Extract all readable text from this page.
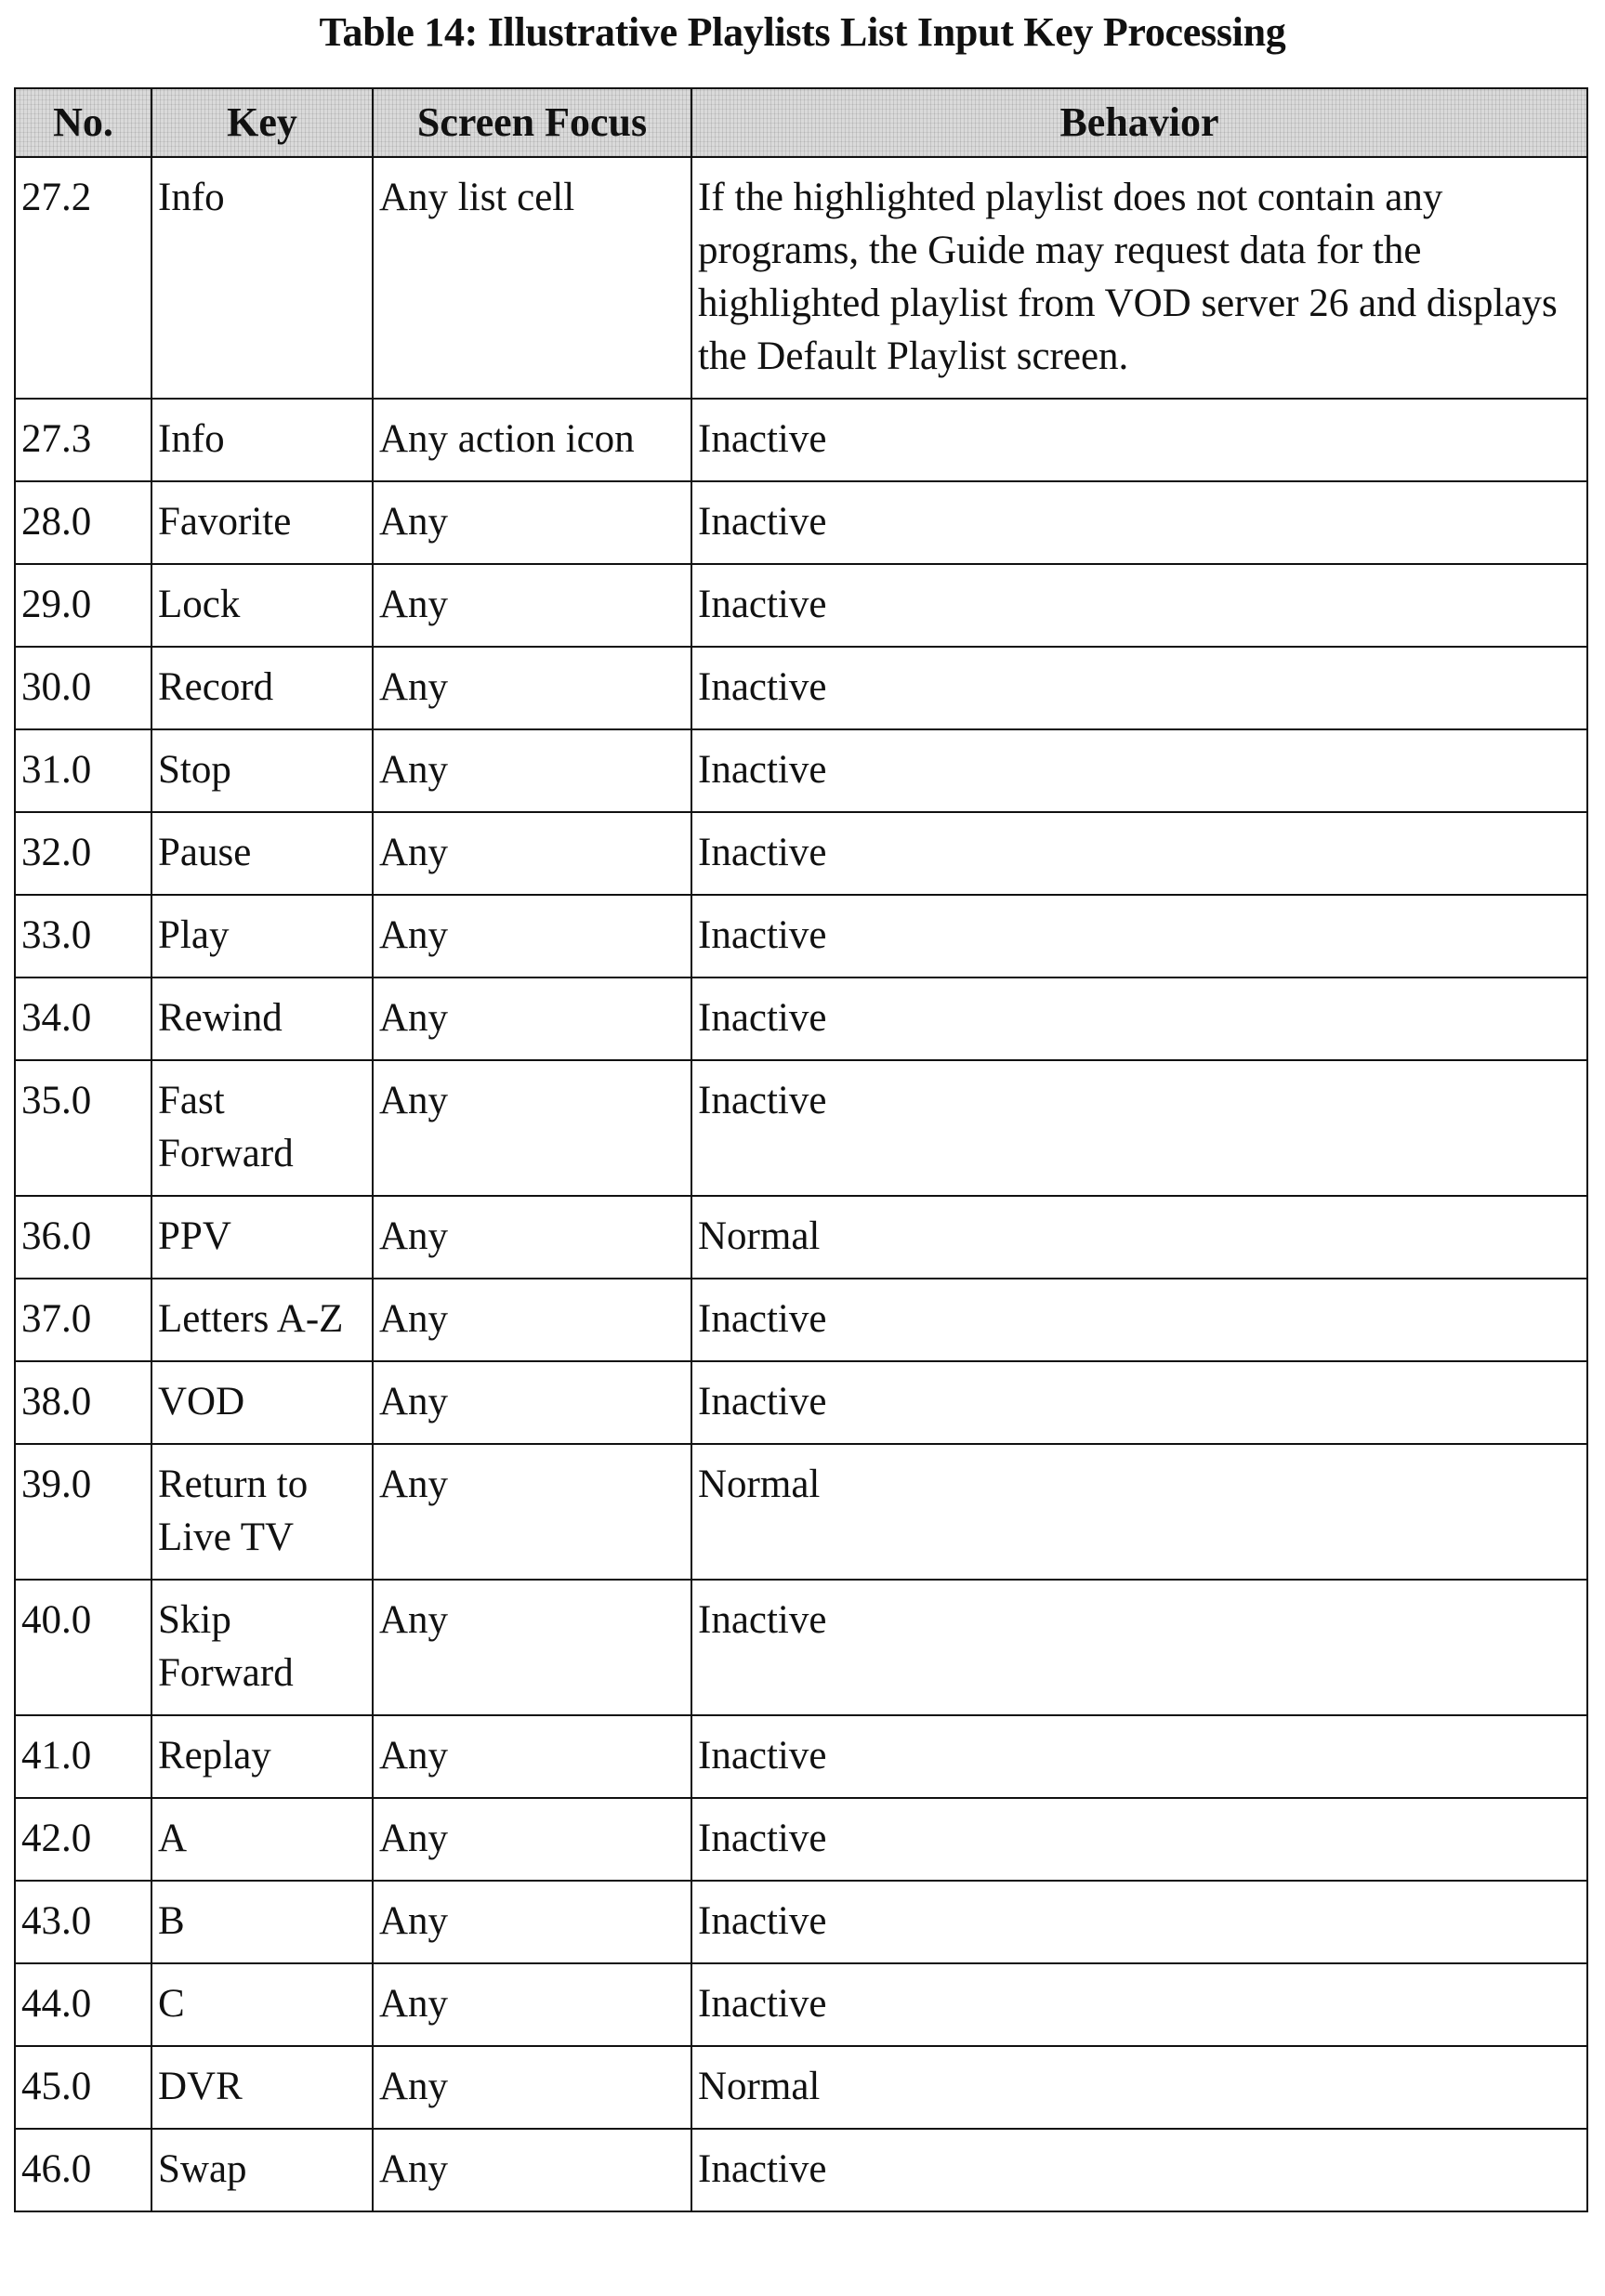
Table 14: Illustrative Playlists List Input Key Processing
No.	Key	Screen Focus	Behavior
27.2	Info	Any list cell	If the highlighted playlist does not contain any programs, the Guide may request data for the highlighted playlist from VOD server 26 and displays the Default Playlist screen.
27.3	Info	Any action icon	Inactive
28.0	Favorite	Any	Inactive
29.0	Lock	Any	Inactive
30.0	Record	Any	Inactive
31.0	Stop	Any	Inactive
32.0	Pause	Any	Inactive
33.0	Play	Any	Inactive
34.0	Rewind	Any	Inactive
35.0	Fast Forward	Any	Inactive
36.0	PPV	Any	Normal
37.0	Letters A-Z	Any	Inactive
38.0	VOD	Any	Inactive
39.0	Return to Live TV	Any	Normal
40.0	Skip Forward	Any	Inactive
41.0	Replay	Any	Inactive
42.0	A	Any	Inactive
43.0	B	Any	Inactive
44.0	C	Any	Inactive
45.0	DVR	Any	Normal
46.0	Swap	Any	Inactive
